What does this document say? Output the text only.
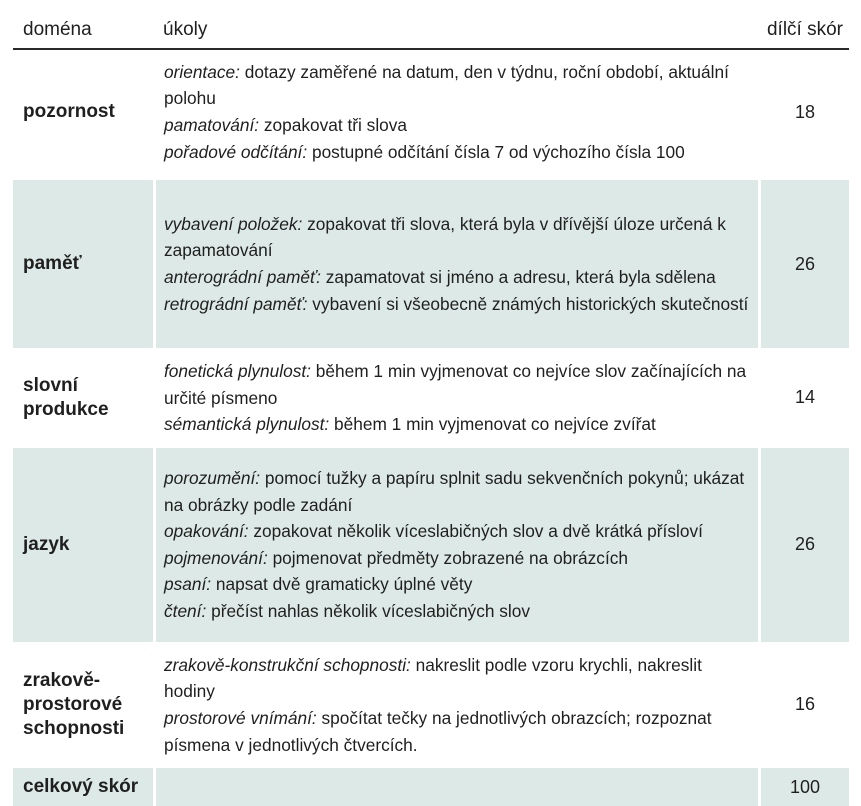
doména	úkoly	dílčí skór
pozornost	orientace: dotazy zaměřené na datum, den v týdnu, roční období, aktuální polohu
pamatování: zopakovat tři slova
pořadové odčítání: postupné odčítání čísla 7 od výchozího čísla 100	18

paměť	vybavení položek: zopakovat tři slova, která byla v dřívější úloze určená k zapamatování
anterográdní paměť: zapamatovat si jméno a adresu, která byla sdělena
retrográdní paměť: vybavení si všeobecně známých historických skutečností	26

slovní produkce	fonetická plynulost: během 1 min vyjmenovat co nejvíce slov začínajících na určité písmeno
sémantická plynulost: během 1 min vyjmenovat co nejvíce zvířat	14

jazyk	porozumění: pomocí tužky a papíru splnit sadu sekvenčních pokynů; ukázat na obrázky podle zadání
opakování: zopakovat několik víceslabičných slov a dvě krátká přísloví
pojmenování: pojmenovat předměty zobrazené na obrázcích
psaní: napsat dvě gramaticky úplné věty
čtení: přečíst nahlas několik víceslabičných slov	26

zrakově-prostorové schopnosti	zrakově-konstrukční schopnosti: nakreslit podle vzoru krychli, nakreslit hodiny
prostorové vnímání: spočítat tečky na jednotlivých obrazcích; rozpoznat písmena v jednotlivých čtvercích.	16

celkový skór		100
